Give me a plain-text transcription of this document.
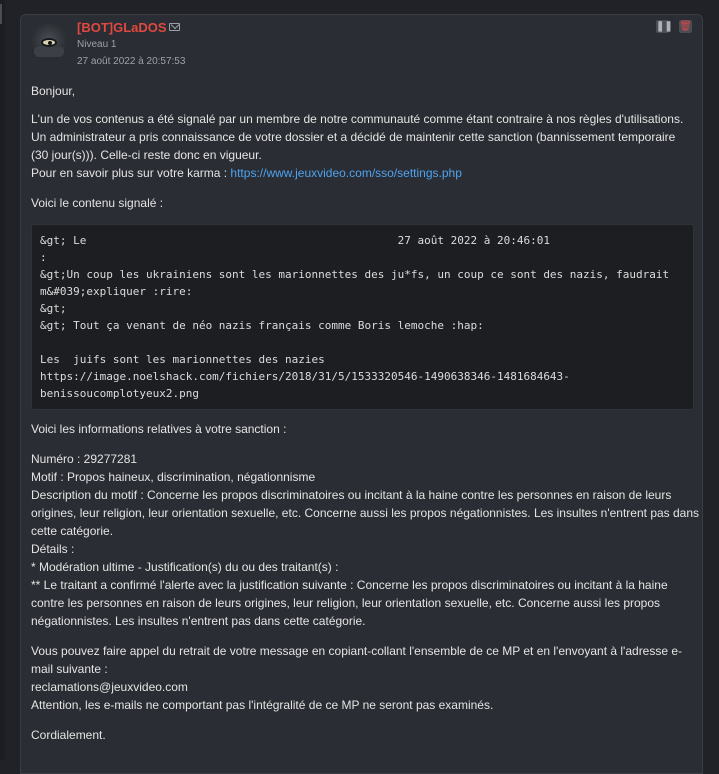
[BOT]GLaDOS
Niveau 1
27 août 2022 à 20:57:53
❚❚ 🗑
Bonjour,
L'un de vos contenus a été signalé par un membre de notre communauté comme étant contraire à nos règles d'utilisations.
Un administrateur a pris connaissance de votre dossier et a décidé de maintenir cette sanction (bannissement temporaire
(30 jour(s))). Celle-ci reste donc en vigueur.
Pour en savoir plus sur votre karma : https://www.jeuxvideo.com/sso/settings.php
Voici le contenu signalé :
&gt; Le                                               27 août 2022 à 20:46:01
:
&gt;Un coup les ukrainiens sont les marionnettes des ju*fs, un coup ce sont des nazis, faudrait
m&#039;expliquer :rire:
&gt;
&gt; Tout ça venant de néo nazis français comme Boris lemoche :hap:
Les  juifs sont les marionnettes des nazies
https://image.noelshack.com/fichiers/2018/31/5/1533320546-1490638346-1481684643-
benissoucomplotyeux2.png
Voici les informations relatives à votre sanction :
Numéro : 29277281
Motif : Propos haineux, discrimination, négationnisme
Description du motif : Concerne les propos discriminatoires ou incitant à la haine contre les personnes en raison de leurs
origines, leur religion, leur orientation sexuelle, etc. Concerne aussi les propos négationnistes. Les insultes n'entrent pas dans
cette catégorie.
Détails :
* Modération ultime - Justification(s) du ou des traitant(s) :
** Le traitant a confirmé l'alerte avec la justification suivante : Concerne les propos discriminatoires ou incitant à la haine
contre les personnes en raison de leurs origines, leur religion, leur orientation sexuelle, etc. Concerne aussi les propos
négationnistes. Les insultes n'entrent pas dans cette catégorie.
Vous pouvez faire appel du retrait de votre message en copiant-collant l'ensemble de ce MP et en l'envoyant à l'adresse e-
mail suivante :
reclamations@jeuxvideo.com
Attention, les e-mails ne comportant pas l'intégralité de ce MP ne seront pas examinés.
Cordialement.
